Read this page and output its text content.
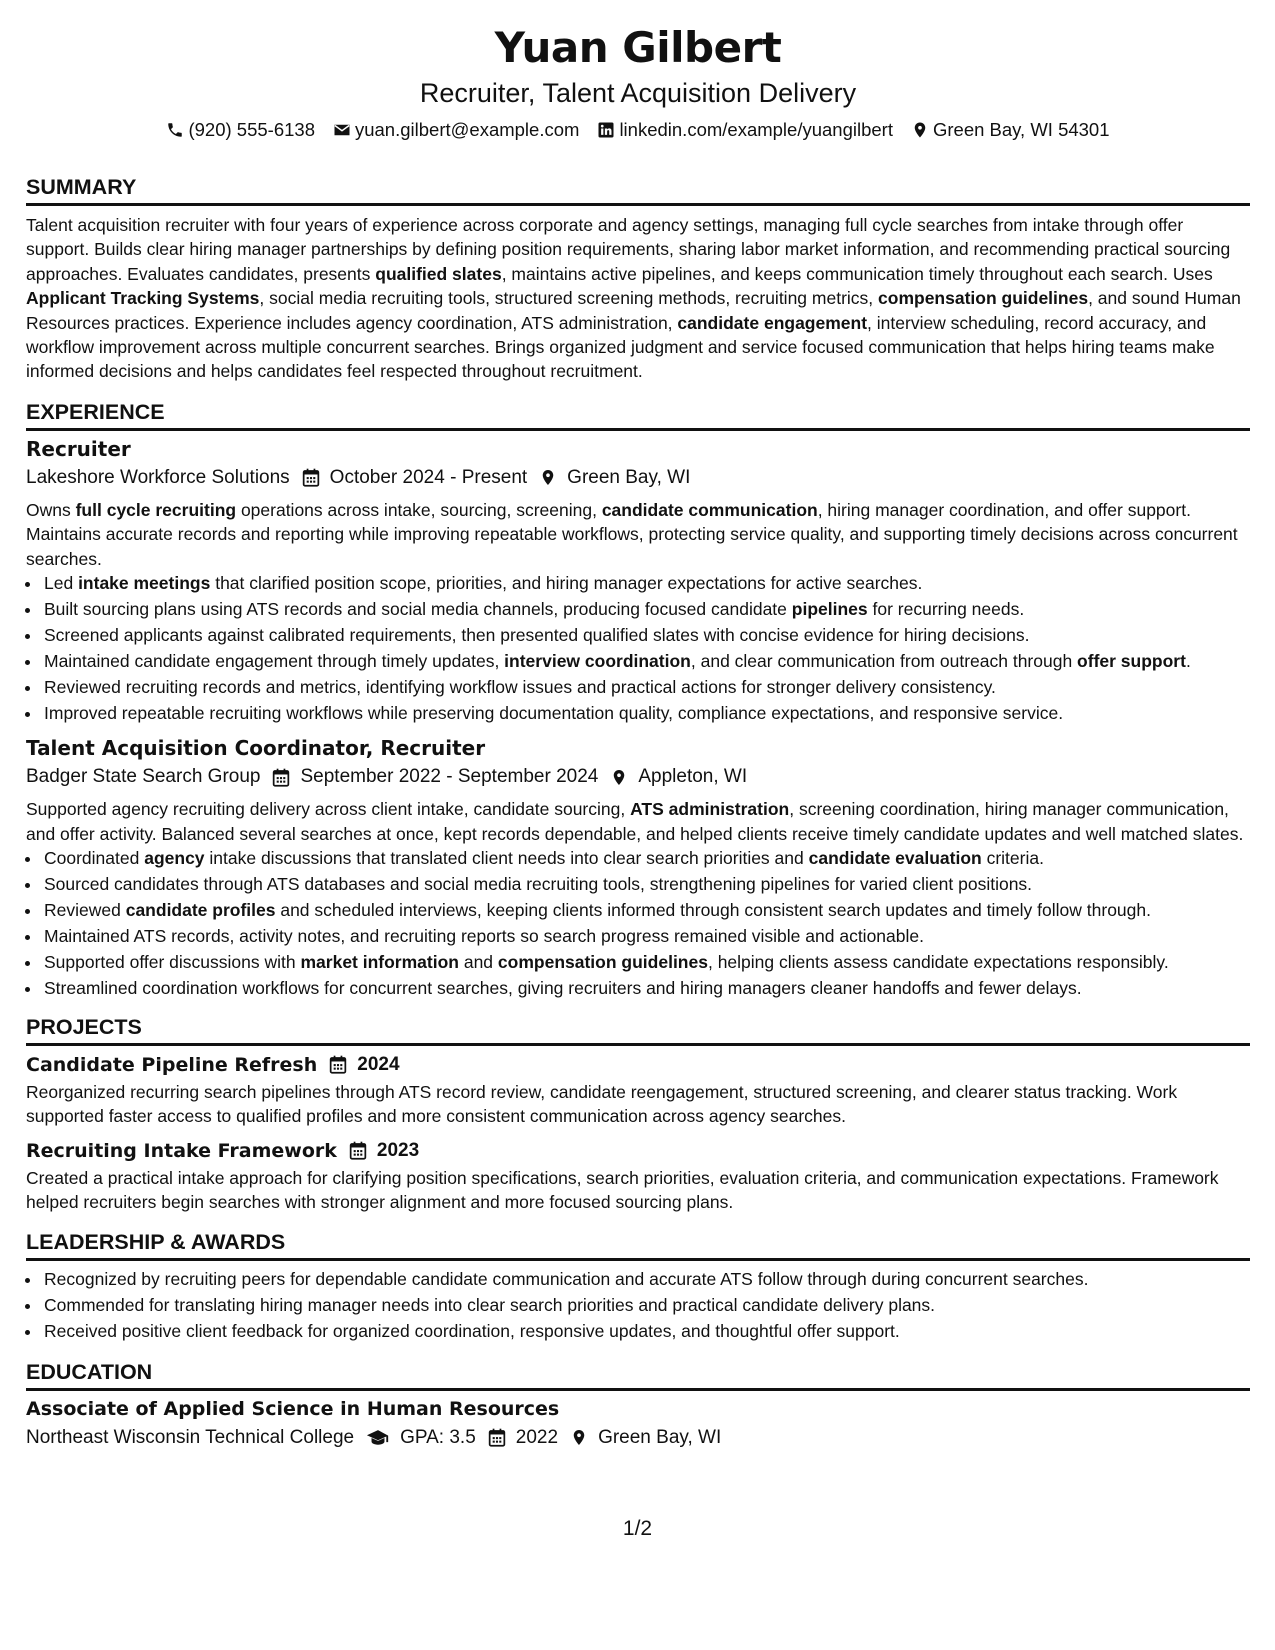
Yuan Gilbert
Recruiter, Talent Acquisition Delivery
(920) 555-6138 yuan.gilbert@example.com linkedin.com/example/yuangilbert Green Bay, WI 54301
SUMMARY

Talent acquisition recruiter with four years of experience across corporate and agency settings, managing full cycle searches from intake through offer support. Builds clear hiring manager partnerships by defining position requirements, sharing labor market information, and recommending practical sourcing approaches. Evaluates candidates, presents qualified slates, maintains active pipelines, and keeps communication timely throughout each search. Uses Applicant Tracking Systems, social media recruiting tools, structured screening methods, recruiting metrics, compensation guidelines, and sound Human Resources practices. Experience includes agency coordination, ATS administration, candidate engagement, interview scheduling, record accuracy, and workflow improvement across multiple concurrent searches. Brings organized judgment and service focused communication that helps hiring teams make informed decisions and helps candidates feel respected throughout recruitment.

EXPERIENCE
Recruiter
Lakeshore Workforce Solutions October 2024 - Present Green Bay, WI

Owns full cycle recruiting operations across intake, sourcing, screening, candidate communication, hiring manager coordination, and offer support. Maintains accurate records and reporting while improving repeatable workflows, protecting service quality, and supporting timely decisions across concurrent searches.

• Led intake meetings that clarified position scope, priorities, and hiring manager expectations for active searches.
• Built sourcing plans using ATS records and social media channels, producing focused candidate pipelines for recurring needs.
• Screened applicants against calibrated requirements, then presented qualified slates with concise evidence for hiring decisions.
• Maintained candidate engagement through timely updates, interview coordination, and clear communication from outreach through offer support.
• Reviewed recruiting records and metrics, identifying workflow issues and practical actions for stronger delivery consistency.
• Improved repeatable recruiting workflows while preserving documentation quality, compliance expectations, and responsive service.
Talent Acquisition Coordinator, Recruiter
Badger State Search Group September 2022 - September 2024 Appleton, WI

Supported agency recruiting delivery across client intake, candidate sourcing, ATS administration, screening coordination, hiring manager communication, and offer activity. Balanced several searches at once, kept records dependable, and helped clients receive timely candidate updates and well matched slates.

• Coordinated agency intake discussions that translated client needs into clear search priorities and candidate evaluation criteria.
• Sourced candidates through ATS databases and social media recruiting tools, strengthening pipelines for varied client positions.
• Reviewed candidate profiles and scheduled interviews, keeping clients informed through consistent search updates and timely follow through.
• Maintained ATS records, activity notes, and recruiting reports so search progress remained visible and actionable.
• Supported offer discussions with market information and compensation guidelines, helping clients assess candidate expectations responsibly.
• Streamlined coordination workflows for concurrent searches, giving recruiters and hiring managers cleaner handoffs and fewer delays.
PROJECTS
Candidate Pipeline Refresh 2024

Reorganized recurring search pipelines through ATS record review, candidate reengagement, structured screening, and clearer status tracking. Work supported faster access to qualified profiles and more consistent communication across agency searches.

Recruiting Intake Framework 2023

Created a practical intake approach for clarifying position specifications, search priorities, evaluation criteria, and communication expectations. Framework helped recruiters begin searches with stronger alignment and more focused sourcing plans.

LEADERSHIP & AWARDS
• Recognized by recruiting peers for dependable candidate communication and accurate ATS follow through during concurrent searches.
• Commended for translating hiring manager needs into clear search priorities and practical candidate delivery plans.
• Received positive client feedback for organized coordination, responsive updates, and thoughtful offer support.
EDUCATION
Associate of Applied Science in Human Resources
Northeast Wisconsin Technical College GPA: 3.5 2022 Green Bay, WI
1/2
